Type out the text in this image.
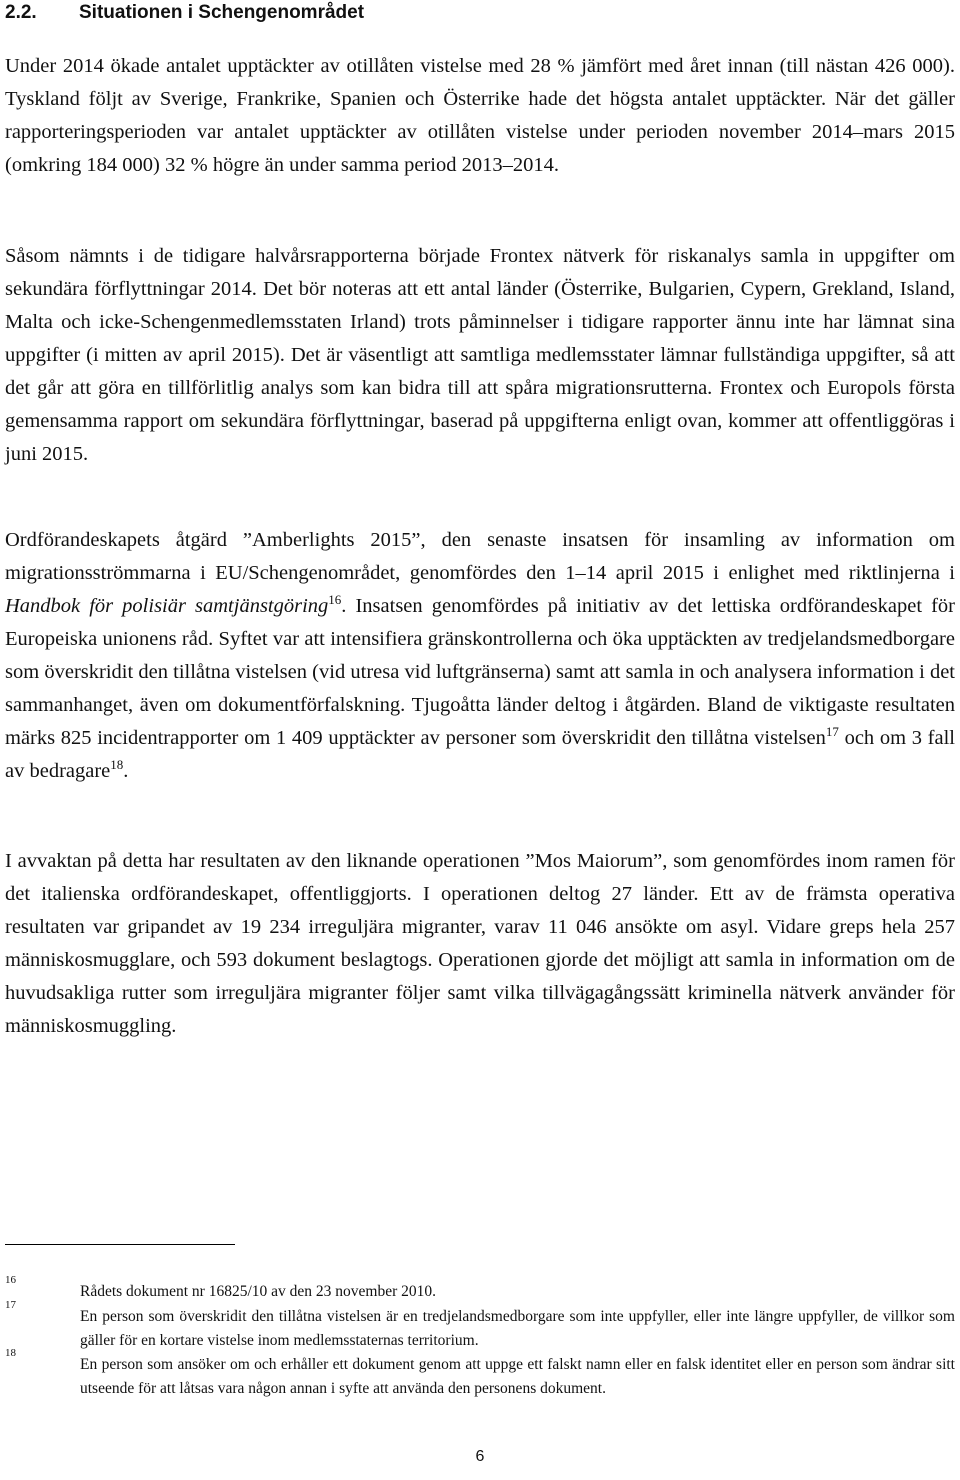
2.2. Situationen i Schengenområdet

Under 2014 ökade antalet upptäckter av otillåten vistelse med 28 % jämfört med året innan (till nästan 426 000). Tyskland följt av Sverige, Frankrike, Spanien och Österrike hade det högsta antalet upptäckter. När det gäller rapporteringsperioden var antalet upptäckter av otillåten vistelse under perioden november 2014–mars 2015 (omkring 184 000) 32 % högre än under samma period 2013–2014.

Såsom nämnts i de tidigare halvårsrapporterna började Frontex nätverk för riskanalys samla in uppgifter om sekundära förflyttningar 2014. Det bör noteras att ett antal länder (Österrike, Bulgarien, Cypern, Grekland, Island, Malta och icke-Schengenmedlemsstaten Irland) trots påminnelser i tidigare rapporter ännu inte har lämnat sina uppgifter (i mitten av april 2015). Det är väsentligt att samtliga medlemsstater lämnar fullständiga uppgifter, så att det går att göra en tillförlitlig analys som kan bidra till att spåra migrationsrutterna. Frontex och Europols första gemensamma rapport om sekundära förflyttningar, baserad på uppgifterna enligt ovan, kommer att offentliggöras i juni 2015.

Ordförandeskapets åtgärd ”Amberlights 2015”, den senaste insatsen för insamling av information om migrationsströmmarna i EU/Schengenområdet, genomfördes den 1–14 april 2015 i enlighet med riktlinjerna i Handbok för polisiär samtjänstgöring$^{16}$. Insatsen genomfördes på initiativ av det lettiska ordförandeskapet för Europeiska unionens råd. Syftet var att intensifiera gränskontrollerna och öka upptäckten av tredjelandsmedborgare som överskridit den tillåtna vistelsen (vid utresa vid luftgränserna) samt att samla in och analysera information i det sammanhanget, även om dokumentförfalskning. Tjugoåtta länder deltog i åtgärden. Bland de viktigaste resultaten märks 825 incidentrapporter om 1 409 upptäckter av personer som överskridit den tillåtna vistelsen$^{17}$ och om 3 fall av bedragare$^{18}$.

I avvaktan på detta har resultaten av den liknande operationen ”Mos Maiorum”, som genomfördes inom ramen för det italienska ordförandeskapet, offentliggjorts. I operationen deltog 27 länder. Ett av de främsta operativa resultaten var gripandet av 19 234 irreguljära migranter, varav 11 046 ansökte om asyl. Vidare greps hela 257 människosmugglare, och 593 dokument beslagtogs. Operationen gjorde det möjligt att samla in information om de huvudsakliga rutter som irreguljära migranter följer samt vilka tillvägagångssätt kriminella nätverk använder för människosmuggling.

16
Rådets dokument nr 16825/10 av den 23 november 2010.
17
En person som överskridit den tillåtna vistelsen är en tredjelandsmedborgare som inte uppfyller, eller inte längre uppfyller, de villkor som gäller för en kortare vistelse inom medlemsstaternas territorium.
18
En person som ansöker om och erhåller ett dokument genom att uppge ett falskt namn eller en falsk identitet eller en person som ändrar sitt utseende för att låtsas vara någon annan i syfte att använda den personens dokument.
6
